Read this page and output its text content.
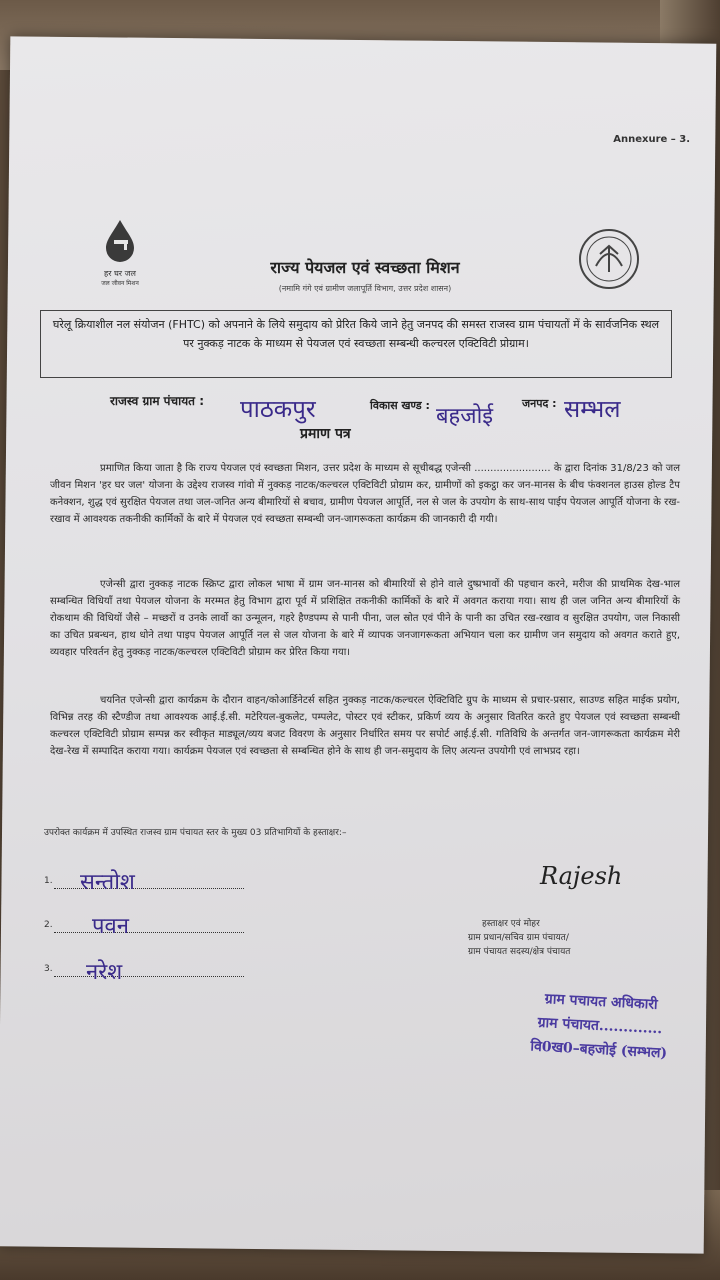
Annexure – 3.
हर घर जल
जल जीवन मिशन
राज्य पेयजल एवं स्वच्छता मिशन
(नमामि गंगे एवं ग्रामीण जलापूर्ति विभाग, उत्तर प्रदेश शासन)
घरेलू क्रियाशील नल संयोजन (FHTC) को अपनाने के लिये समुदाय को प्रेरित किये जाने हेतु जनपद की समस्त राजस्व ग्राम पंचायतों में के सार्वजनिक स्थल पर नुक्कड़ नाटक के माध्यम से पेयजल एवं स्वच्छता सम्बन्धी कल्चरल एक्टिविटी प्रोग्राम।
राजस्व ग्राम पंचायत : पाठकपुर	विकास खण्ड : बहजोई
जनपद : सम्भल
प्रमाण पत्र

प्रमाणित किया जाता है कि राज्य पेयजल एवं स्वच्छता मिशन, उत्तर प्रदेश के माध्यम से सूचीबद्ध एजेन्सी ........................ के द्वारा दिनांक 31/8/23 को जल जीवन मिशन 'हर घर जल' योजना के उद्देश्य राजस्व गांवो में नुक्कड़ नाटक/कल्चरल एक्टिविटी प्रोग्राम कर, ग्रामीणों को इकट्ठा कर जन-मानस के बीच फंक्शनल हाउस होल्ड टैप कनेक्शन, शुद्ध एवं सुरक्षित पेयजल तथा जल-जनित अन्य बीमारियों से बचाव, ग्रामीण पेयजल आपूर्ति, नल से जल के उपयोग के साथ-साथ पाईप पेयजल आपूर्ति योजना के रख-रखाव में आवश्यक तकनीकी कार्मिकों के बारे में पेयजल एवं स्वच्छता सम्बन्धी जन-जागरूकता कार्यक्रम की जानकारी दी गयी।

एजेन्सी द्वारा नुक्कड़ नाटक स्क्रिप्ट द्वारा लोकल भाषा में ग्राम जन-मानस को बीमारियों से होने वाले दुष्प्रभावों की पहचान करने, मरीज की प्राथमिक देख-भाल सम्बन्धित विधियाँ तथा पेयजल योजना के मरम्मत हेतु विभाग द्वारा पूर्व में प्रशिक्षित तकनीकी कार्मिकों के बारे में अवगत कराया गया। साथ ही जल जनित अन्य बीमारियों के रोकथाम की विधियों जैसे – मच्छरों व उनके लार्वो का उन्मूलन, गहरे हैण्डपम्प से पानी पीना, जल स्रोत एवं पीने के पानी का उचित रख-रखाव व सुरक्षित उपयोग, जल निकासी का उचित प्रबन्धन, हाथ धोने तथा पाइप पेयजल आपूर्ति नल से जल योजना के बारे में व्यापक जनजागरूकता अभियान चला कर ग्रामीण जन समुदाय को अवगत कराते हुए, व्यवहार परिवर्तन हेतु नुक्कड़ नाटक/कल्चरल एक्टिविटी प्रोग्राम कर प्रेरित किया गया।

चयनित एजेन्सी द्वारा कार्यक्रम के दौरान वाहन/कोआर्डिनेटर्स सहित नुक्कड़ नाटक/कल्चरल ऐक्टिविटि ग्रुप के माध्यम से प्रचार-प्रसार, साउण्ड सहित माईक प्रयोग, विभिन्न तरह की स्टैण्डीज तथा आवश्यक आई.ई.सी. मटेरियल-बुकलेट, पम्पलेट, पोस्टर एवं स्टीकर, प्रकिर्ण व्यय के अनुसार वितरित करते हुए पेयजल एवं स्वच्छता सम्बन्धी कल्चरल एक्टिविटी प्रोग्राम सम्पन्न कर स्वीकृत माड्यूल/व्यय बजट विवरण के अनुसार निर्धारित समय पर सपोर्ट आई.ई.सी. गतिविधि के अन्तर्गत जन-जागरूकता कार्यक्रम मेरी देख-रेख में सम्पादित कराया गया। कार्यक्रम पेयजल एवं स्वच्छता से सम्बन्धित होने के साथ ही जन-समुदाय के लिए अत्यन्त उपयोगी एवं लाभप्रद रहा।

उपरोक्त कार्यक्रम में उपस्थित राजस्व ग्राम पंचायत स्तर के मुख्य 03 प्रतिभागियों के हस्ताक्षर:–
1. सन्तोश
2. पवन
3. नरेश
Rajesh
हस्ताक्षर एवं मोहर
ग्राम प्रधान/सचिव ग्राम पंचायत/
ग्राम पंचायत सदस्य/क्षेत्र पंचायत
ग्राम पचायत अधिकारी
ग्राम पंचायत.............
वि0ख0–बहजोई (सम्भल)
